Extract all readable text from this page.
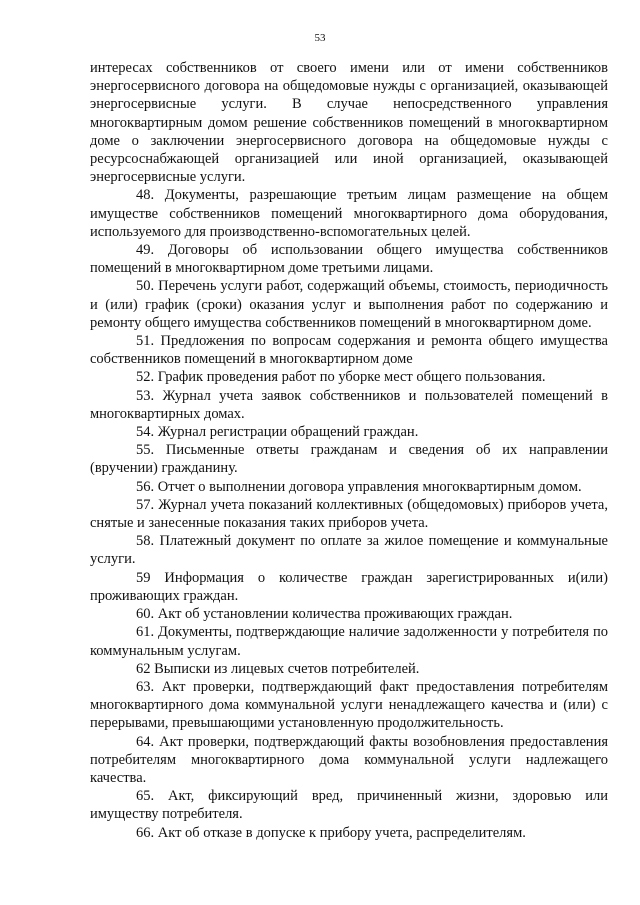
53

интересах собственников от своего имени или от имени собственников энергосервисного договора на общедомовые нужды с организацией, оказывающей энергосервисные услуги. В случае непосредственного управления многоквартирным домом решение собственников помещений в многоквартирном доме о заключении энергосервисного договора на общедомовые нужды с ресурсоснабжающей организацией или иной организацией, оказывающей энергосервисные услуги.

48. Документы, разрешающие третьим лицам размещение на общем имуществе собственников помещений многоквартирного дома оборудования, используемого для производственно-вспомогательных целей.

49. Договоры об использовании общего имущества собственников помещений в многоквартирном доме третьими лицами.

50. Перечень услуги работ, содержащий объемы, стоимость, периодичность и (или) график (сроки) оказания услуг и выполнения работ по содержанию и ремонту общего имущества собственников помещений в многоквартирном доме.

51. Предложения по вопросам содержания и ремонта общего имущества собственников помещений в многоквартирном доме

52. График проведения работ по уборке мест общего пользования.

53. Журнал учета заявок собственников и пользователей помещений в многоквартирных домах.

54. Журнал регистрации обращений граждан.

55. Письменные ответы гражданам и сведения об их направлении (вручении) гражданину.

56. Отчет о выполнении договора управления многоквартирным домом.

57. Журнал учета показаний коллективных (общедомовых) приборов учета, снятые и занесенные показания таких приборов учета.

58. Платежный документ по оплате за жилое помещение и коммунальные услуги.

59 Информация о количестве граждан зарегистрированных и(или) проживающих граждан.

60. Акт об установлении количества проживающих граждан.

61. Документы, подтверждающие наличие задолженности у потребителя по коммунальным услугам.

62 Выписки из лицевых счетов потребителей.

63. Акт проверки, подтверждающий факт предоставления потребителям многоквартирного дома коммунальной услуги ненадлежащего качества и (или) с перерывами, превышающими установленную продолжительность.

64. Акт проверки, подтверждающий факты возобновления предоставления потребителям многоквартирного дома коммунальной услуги надлежащего качества.

65. Акт, фиксирующий вред, причиненный жизни, здоровью или имуществу потребителя.

66. Акт об отказе в допуске к прибору учета, распределителям.
